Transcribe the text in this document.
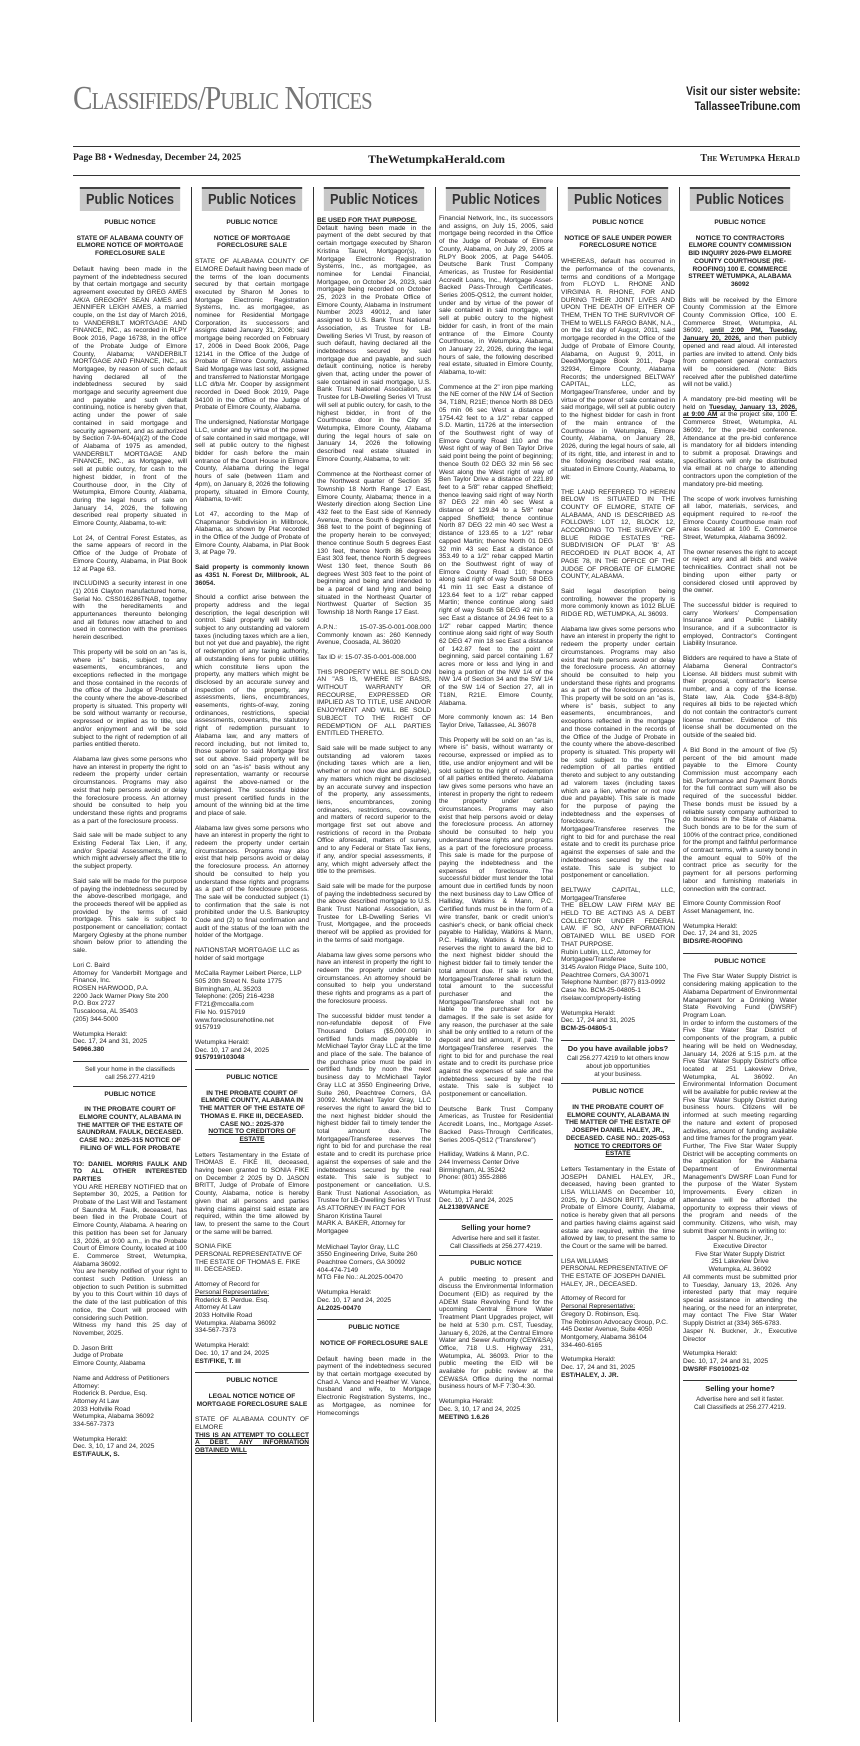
Classifieds/Public Notices	Visit our sister website:
TallasseeTribune.com
Page B8 • Wednesday, December 24, 2025	TheWetumpkaHerald.com	The Wetumpka Herald
Public Notices
PUBLIC NOTICE
STATE OF ALABAMA COUNTY OF ELMORE NOTICE OF MORTGAGE FORECLOSURE SALE

Default having been made in the payment of the indebtedness secured by that certain mortgage and security agreement executed by GREG AMES A/K/A GREGORY SEAN AMES and JENNIFER LEIGH AMES, a married couple, on the 1st day of March 2016, to VANDERBILT MORTGAGE AND FINANCE, INC., as recorded in RLPY Book 2016, Page 16738, in the office of the Probate Judge of Elmore County, Alabama; VANDERBILT MORTGAGE AND FINANCE, INC., as Mortgagee, by reason of such default having declared all of the indebtedness secured by said mortgage and security agreement due and payable and such default continuing, notice is hereby given that, acting under the power of sale contained in said mortgage and security agreement, and as authorized by Section 7-9A-604(a)(2) of the Code of Alabama of 1975 as amended, VANDERBILT MORTGAGE AND FINANCE, INC., as Mortgagee, will sell at public outcry, for cash to the highest bidder, in front of the Courthouse door, in the City of Wetumpka, Elmore County, Alabama, during the legal hours of sale on January 14, 2026, the following described real property situated in Elmore County, Alabama, to-wit:

Lot 24, of Central Forest Estates, as the same appears of record in the Office of the Judge of Probate of Elmore County, Alabama, in Plat Book 12 at Page 63.

INCLUDING a security interest in one (1) 2016 Clayton manufactured home, Serial No. CSS016286TNAB, together with the hereditaments and appurtenances thereunto belonging and all fixtures now attached to and used in connection with the premises herein described.

This property will be sold on an "as is, where is" basis, subject to any easements, encumbrances, and exceptions reflected in the mortgage and those contained in the records of the office of the Judge of Probate of the county where the above-described property is situated. This property will be sold without warranty or recourse, expressed or implied as to title, use and/or enjoyment and will be sold subject to the right of redemption of all parties entitled thereto.

Alabama law gives some persons who have an interest in property the right to redeem the property under certain circumstances. Programs may also exist that help persons avoid or delay the foreclosure process. An attorney should be consulted to help you understand these rights and programs as a part of the foreclosure process.

Said sale will be made subject to any Existing Federal Tax Lien, if any, and/or Special Assessments, if any, which might adversely affect the title to the subject property.

Said sale will be made for the purpose of paying the indebtedness secured by the above-described mortgage, and the proceeds thereof will be applied as provided by the terms of said mortgage. This sale is subject to postponement or cancellation; contact Margery Oglesby at the phone number shown below prior to attending the sale.

Lori C. Baird
Attorney for Vanderbilt Mortgage and Finance, Inc.
ROSEN HARWOOD, P.A.
2200 Jack Warner Pkwy Ste 200
P.O. Box 2727
Tuscaloosa, AL 35403
(205) 344-5000

Wetumpka Herald:
Dec. 17, 24 and 31, 2025
54966.380

Sell your home in the classifieds
call 256.277.4219
PUBLIC NOTICE
IN THE PROBATE COURT OF ELMORE COUNTY, ALABAMA IN THE MATTER OF THE ESTATE OF SAUNDRAM. FAULK, DECEASED. CASE NO.: 2025-315 NOTICE OF FILING OF WILL FOR PROBATE

TO: DANIEL MORRIS FAULK AND TO ALL OTHER INTERESTED PARTIES

YOU ARE HEREBY NOTIFIED that on September 30, 2025, a Petition for Probate of the Last Will and Testament of Saundra M. Faulk, deceased, has been filed in the Probate Court of Elmore County, Alabama. A hearing on this petition has been set for January 13, 2026, at 9:00 a.m., in the Probate Court of Elmore County, located at 100 E. Commerce Street, Wetumpka, Alabama 36092.

You are hereby notified of your right to contest such Petition. Unless an objection to such Petition is submitted by you to this Court within 10 days of the date of the last publication of this notice, the Court will proceed with considering such Petition.

Witness my hand this 25 day of November, 2025.

D. Jason Britt
Judge of Probate
Elmore County, Alabama

Name and Address of Petitioners Attorney:
Roderick B. Perdue, Esq.
Attorney At Law
2033 Holtville Road
Wetumpka, Alabama 36092
334-567-7373

Wetumpka Herald:
Dec. 3, 10, 17 and 24, 2025
EST/FAULK, S.

Public Notices
PUBLIC NOTICE
NOTICE OF MORTGAGE FORECLOSURE SALE

STATE OF ALABAMA COUNTY OF ELMORE Default having been made of the terms of the loan documents secured by that certain mortgage executed by Sharon M Jones to Mortgage Electronic Registration Systems, Inc. as mortgagee, as nominee for Residential Mortgage Corporation, its successors and assigns dated January 31, 2006; said mortgage being recorded on February 17, 2006 in Deed Book 2006, Page 12141 in the Office of the Judge of Probate of Elmore County, Alabama. Said Mortgage was last sold, assigned and transferred to Nationstar Mortgage LLC d/b/a Mr. Cooper by assignment recorded in Deed Book 2019, Page 34100 in the Office of the Judge of Probate of Elmore County, Alabama.

The undersigned, Nationstar Mortgage LLC, under and by virtue of the power of sale contained in said mortgage, will sell at public outcry to the highest bidder for cash before the main entrance of the Court House in Elmore County, Alabama during the legal hours of sale (between 11am and 4pm), on January 8, 2026 the following property, situated in Elmore County, Alabama, to-wit:

Lot 47, according to the Map of Chapmanor Subdivision in Millbrook, Alabama, as shown by Plat recorded in the Office of the Judge of Probate of Elmore County, Alabama, in Plat Book 3, at Page 79.

Said property is commonly known as 4351 N. Forest Dr, Millbrook, AL 36054.

Should a conflict arise between the property address and the legal description, the legal description will control. Said property will be sold subject to any outstanding ad valorem taxes (including taxes which are a lien, but not yet due and payable), the right of redemption of any taxing authority, all outstanding liens for public utilities which constitute liens upon the property, any matters which might be disclosed by an accurate survey and inspection of the property, any assessments, liens, encumbrances, easements, rights-of-way, zoning ordinances, restrictions, special assessments, covenants, the statutory right of redemption pursuant to Alabama law, and any matters of record including, but not limited to, those superior to said Mortgage first set out above. Said property will be sold on an "as-is" basis without any representation, warranty or recourse against the above-named or the undersigned. The successful bidder must present certified funds in the amount of the winning bid at the time and place of sale.

Alabama law gives some persons who have an interest in property the right to redeem the property under certain circumstances. Programs may also exist that help persons avoid or delay the foreclosure process. An attorney should be consulted to help you understand these rights and programs as a part of the foreclosure process. The sale will be conducted subject (1) to confirmation that the sale is not prohibited under the U.S. Bankruptcy Code and (2) to final confirmation and audit of the status of the loan with the holder of the Mortgage.

NATIONSTAR MORTGAGE LLC as holder of said mortgage

McCalla Raymer Leibert Pierce, LLP
505 20th Street N. Suite 1775
Birmingham, AL 35203
Telephone: (205) 216-4238
FT21@mccalla.com
File No. 9157919
www.foreclosurehotline.net
9157919

Wetumpka Herald:
Dec. 10, 17 and 24, 2025
9157919/103048

PUBLIC NOTICE
IN THE PROBATE COURT OF ELMORE COUNTY, ALABAMA IN THE MATTER OF THE ESTATE OF THOMAS E. FIKE III, DECEASED.
CASE NO.: 2025-370
NOTICE TO CREDITORS OF ESTATE

Letters Testamentary in the Estate of THOMAS E. FIKE III, deceased, having been granted to SONIA FIKE on December 2 2025 by D. JASON BRITT, Judge of Probate of Elmore County, Alabama, notice is hereby given that all persons and parties having claims against said estate are required, within the time allowed by law, to present the same to the Court or the same will be barred.

SONIA FIKE
PERSONAL REPRESENTATIVE OF THE ESTATE OF THOMAS E. FIKE III. DECEASED.

Attorney of Record for
Personal Representative:
Roderick B. Perdue. Esq.
Attorney At Law
2033 Holtville Road
Wetumpka. Alabama 36092
334-567-7373

Wetumpka Herald:
Dec. 10, 17 and 24, 2025
EST/FIKE, T. III

PUBLIC NOTICE
LEGAL NOTICE NOTICE OF MORTGAGE FORECLOSURE SALE

STATE OF ALABAMA COUNTY OF ELMORE

THIS IS AN ATTEMPT TO COLLECT A DEBT. ANY INFORMATION OBTAINED WILL

Public Notices

BE USED FOR THAT PURPOSE.

Default having been made in the payment of the debt secured by that certain mortgage executed by Sharon Kristina Taurel, Mortgagor(s), to Mortgage Electronic Registration Systems, Inc., as mortgagee, as nominee for Lendai Financial, Mortgagee, on October 24, 2023, said mortgage being recorded on October 25, 2023 in the Probate Office of Elmore County, Alabama in Instrument Number 2023 49012, and later assigned to U.S. Bank Trust National Association, as Trustee for LB-Dwelling Series VI Trust, by reason of such default, having declared all the indebtedness secured by said mortgage due and payable, and such default continuing, notice is hereby given that, acting under the power of sale contained in said mortgage, U.S. Bank Trust National Association, as Trustee for LB-Dwelling Series VI Trust will sell at public outcry, for cash, to the highest bidder, in front of the Courthouse door in the City of Wetumpka, Elmore County, Alabama during the legal hours of sale on January 14, 2026 the following described real estate situated in Elmore County, Alabama, to wit:

Commence at the Northeast corner of the Northwest quarter of Section 35 Township 18 North Range 17 East, Elmore County, Alabama; thence in a Westerly direction along Section Line 432 feet to the East side of Kennedy Avenue, thence South 6 degrees East 368 feet to the point of beginning of the property herein to be conveyed; thence continue South 5 degrees East 130 feet, thence North 86 degrees East 303 feet, thence North 5 degrees West 130 feet, thence South 86 degrees West 303 feet to the point of beginning and being and intended to be a parcel of land lying and being situated in the Northeast Quarter of Northwest Quarter of Section 35 Township 18 North Range 17 East.

A.P.N.: 15-07-35-0-001-008.000 Commonly known as: 260 Kennedy Avenue, Coosada, AL 36020

Tax ID #: 15-07-35-0-001-008.000

THIS PROPERTY WILL BE SOLD ON AN "AS IS, WHERE IS" BASIS, WITHOUT WARRANTY OR RECOURSE, EXPRESSED OR IMPLIED AS TO TITLE, USE AND/OR ENJOYMENT AND WILL BE SOLD SUBJECT TO THE RIGHT OF REDEMPTION OF ALL PARTIES ENTITLED THERETO.

Said sale will be made subject to any outstanding ad valorem taxes (including taxes which are a lien, whether or not now due and payable), any matters which might be disclosed by an accurate survey and inspection of the property, any assessments, liens, encumbrances, zoning ordinances, restrictions, covenants, and matters of record superior to the mortgage first set out above and restrictions of record in the Probate Office aforesaid, matters of survey, and to any Federal or State Tax liens, if any, and/or special assessments, if any, which might adversely affect the title to the premises.

Said sale will be made for the purpose of paying the indebtedness secured by the above described mortgage to U.S. Bank Trust National Association, as Trustee for LB-Dwelling Series VI Trust, Mortgagee, and the proceeds thereof will be applied as provided for in the terms of said mortgage.

Alabama law gives some persons who have an interest in property the right to redeem the property under certain circumstances. An attorney should be consulted to help you understand these rights and programs as a part of the foreclosure process.

The successful bidder must tender a non-refundable deposit of Five Thousand Dollars ($5,000.00) in certified funds made payable to McMichael Taylor Gray LLC at the time and place of the sale. The balance of the purchase price must be paid in certified funds by noon the next business day to McMichael Taylor Gray LLC at 3550 Engineering Drive, Suite 260, Peachtree Corners, GA 30092. McMichael Taylor Gray, LLC reserves the right to award the bid to the next highest bidder should the highest bidder fail to timely tender the total amount due. The Mortgagee/Transferee reserves the right to bid for and purchase the real estate and to credit its purchase price against the expenses of sale and the indebtedness secured by the real estate. This sale is subject to postponement or cancellation. U.S. Bank Trust National Association, as Trustee for LB-Dwelling Series VI Trust

AS ATTORNEY IN FACT FOR
Sharon Kristina Taurel
MARK A. BAKER, Attorney for Mortgagee

McMichael Taylor Gray, LLC
3550 Engineering Drive, Suite 260
Peachtree Corners, GA 30092
404-474-7149
MTG File No.: AL2025-00470

Wetumpka Herald:
Dec. 10, 17 and 24, 2025
AL2025-00470

PUBLIC NOTICE
NOTICE OF FORECLOSURE SALE

Default having been made in the payment of the indebtedness secured by that certain mortgage executed by Chad A. Vance and Heather W. Vance, husband and wife, to Mortgage Electronic Registration Systems, Inc., as Mortgagee, as nominee for Homecomings

Public Notices

Financial Network, Inc., its successors and assigns, on July 15, 2005, said mortgage being recorded in the Office of the Judge of Probate of Elmore County, Alabama, on July 29, 2005 at RLPY Book 2005, at Page 54405. Deutsche Bank Trust Company Americas, as Trustee for Residential Accredit Loans, Inc., Mortgage Asset-Backed Pass-Through Certificates, Series 2005-QS12, the current holder, under and by virtue of the power of sale contained in said mortgage, will sell at public outcry to the highest bidder for cash, in front of the main entrance of the Elmore County Courthouse, in Wetumpka, Alabama, on January 22, 2026, during the legal hours of sale, the following described real estate, situated in Elmore County, Alabama, to-wit:

Commence at the 2" iron pipe marking the NE corner of the NW 1/4 of Section 34, T18N, R21E; thence North 88 DEG 05 min 06 sec West a distance of 1754.42 feet to a 1/2" rebar capped S.D. Martin, 11726 at the intersection of the Southwest right of way of Elmore County Road 110 and the West right of way of Ben Taylor Drive said point being the point of beginning; thence South 02 DEG 32 min 56 sec West along the West right of way of Ben Taylor Drive a distance of 221.89 feet to a 5/8" rebar capped Sheffield; thence leaving said right of way North 87 DEG 22 min 40 sec West a distance of 129.84 to a 5/8" rebar capped Sheffield; thence continue North 87 DEG 22 min 40 sec West a distance of 123.65 to a 1/2" rebar capped Martin; thence North 01 DEG 32 min 43 sec East a distance of 353.49 to a 1/2" rebar capped Martin on the Southwest right of way of Elmore County Road 110; thence along said right of way South 58 DEG 41 min 11 sec East a distance of 123.64 feet to a 1/2" rebar capped Martin; thence continue along said right of way South 58 DEG 42 min 53 sec East a distance of 24.96 feet to a 1/2" rebar capped Martin; thence continue along said right of way South 62 DEG 47 min 18 sec East a distance of 142.87 feet to the point of beginning, said parcel containing 1.67 acres more or less and lying in and being a portion of the NW 1/4 of the NW 1/4 of Section 34 and the SW 1/4 of the SW 1/4 of Section 27, all in T18N, R21E. Elmore County, Alabama.

More commonly known as: 14 Ben Taylor Drive, Tallassee, AL 36078

This Property will be sold on an "as is, where is" basis, without warranty or recourse, expressed or implied as to title, use and/or enjoyment and will be sold subject to the right of redemption of all parties entitled thereto. Alabama law gives some persons who have an interest in property the right to redeem the property under certain circumstances. Programs may also exist that help persons avoid or delay the foreclosure process. An attorney should be consulted to help you understand these rights and programs as a part of the foreclosure process. This sale is made for the purpose of paying the indebtedness and the expenses of foreclosure. The successful bidder must tender the total amount due in certified funds by noon the next business day to Law Office of Halliday, Watkins & Mann, P.C. Certified funds must be in the form of a wire transfer, bank or credit union's cashier's check, or bank official check payable to Halliday, Watkins & Mann, P.C. Halliday, Watkins & Mann, P.C. reserves the right to award the bid to the next highest bidder should the highest bidder fail to timely tender the total amount due. If sale is voided, Mortgagee/Transferee shall return the total amount to the successful purchaser and the Mortgagee/Transferee shall not be liable to the purchaser for any damages. If the sale is set aside for any reason, the purchaser at the sale shall be only entitled to a return of the deposit and bid amount, if paid. The Mortgagee/Transferee reserves the right to bid for and purchase the real estate and to credit its purchase price against the expenses of sale and the indebtedness secured by the real estate. This sale is subject to postponement or cancellation.

Deutsche Bank Trust Company Americas, as Trustee for Residential Accredit Loans, Inc., Mortgage Asset-Backed Pass-Through Certificates, Series 2005-QS12 ("Transferee")

Halliday, Watkins & Mann, P.C.
244 Inverness Center Drive
Birmingham, AL 35242
Phone: (801) 355-2886

Wetumpka Herald:
Dec. 10, 17 and 24, 2025
AL21389VANCE

Selling your home?
Advertise here and sell it faster.
Call Classifieds at 256.277.4219.
PUBLIC NOTICE

A public meeting to present and discuss the Environmental Information Document (EID) as required by the ADEM State Revolving Fund for the upcoming Central Elmore Water Treatment Plant Upgrades project, will be held at 5:30 p.m. CST, Tuesday, January 6, 2026, at the Central Elmore Water and Sewer Authority (CEW&SA) Office, 718 U.S. Highway 231, Wetumpka, AL 36093. Prior to the public meeting the EID will be available for public review at the CEW&SA Office during the normal business hours of M-F 7:30-4:30.

Wetumpka Herald:
Dec. 3, 10, 17 and 24, 2025
MEETING 1.6.26

Public Notices
PUBLIC NOTICE
NOTICE OF SALE UNDER POWER FORECLOSURE NOTICE

WHEREAS, default has occurred in the performance of the covenants, terms and conditions of a Mortgage from FLOYD L. RHONE AND VIRGINIA R. RHONE, FOR AND DURING THEIR JOINT LIVES AND UPON THE DEATH OF EITHER OF THEM, THEN TO THE SURVIVOR OF THEM to WELLS FARGO BANK, N.A., on the 1st day of August, 2011, said mortgage recorded in the Office of the Judge of Probate of Elmore County, Alabama, on August 9, 2011, in Deed/Mortgage Book 2011, Page 32934, Elmore County, Alabama Records; the undersigned BELTWAY CAPITAL, LLC, as Mortgagee/Transferee, under and by virtue of the power of sale contained in said mortgage, will sell at public outcry to the highest bidder for cash in front of the main entrance of the Courthouse in Wetumpka, Elmore County, Alabama, on January 28, 2026, during the legal hours of sale, all of its right, title, and interest in and to the following described real estate, situated in Elmore County, Alabama, to wit:

THE LAND REFERRED TO HEREIN BELOW IS SITUATED IN THE COUNTY OF ELMORE, STATE OF ALABAMA, AND IS DESCRIBED AS FOLLOWS: LOT 12, BLOCK 12, ACCORDING TO THE SURVEY OF BLUE RIDGE ESTATES "RE-SUBDIVISION OF PLAT 'B' AS RECORDED IN PLAT BOOK 4, AT PAGE 78, IN THE OFFICE OF THE JUDGE OF PROBATE OF ELMORE COUNTY, ALABAMA.

Said legal description being controlling, however the property is more commonly known as 1012 BLUE RIDGE RD, WETUMPKA, AL 36093.

Alabama law gives some persons who have an interest in property the right to redeem the property under certain circumstances. Programs may also exist that help persons avoid or delay the foreclosure process. An attorney should be consulted to help you understand these rights and programs as a part of the foreclosure process. This property will be sold on an "as is, where is" basis, subject to any easements, encumbrances, and exceptions reflected in the mortgage and those contained in the records of the Office of the Judge of Probate in the county where the above-described property is situated. This property will be sold subject to the right of redemption of all parties entitled thereto and subject to any outstanding ad valorem taxes (including taxes which are a lien, whether or not now due and payable). This sale is made for the purpose of paying the indebtedness and the expenses of foreclosure. The Mortgagee/Transferee reserves the right to bid for and purchase the real estate and to credit its purchase price against the expenses of sale and the indebtedness secured by the real estate. This sale is subject to postponement or cancellation.

BELTWAY CAPITAL, LLC, Mortgagee/Transferee

THE BELOW LAW FIRM MAY BE HELD TO BE ACTING AS A DEBT COLLECTOR UNDER FEDERAL LAW. IF SO, ANY INFORMATION OBTAINED WILL BE USED FOR THAT PURPOSE.

Rubin Lublin, LLC, Attorney for Mortgagee/Transferee
3145 Avalon Ridge Place, Suite 100, Peachtree Corners, GA 30071
Telephone Number: (877) 813-0992 Case No. BCM-25-04805-1
rlselaw.com/property-listing

Wetumpka Herald:
Dec. 17, 24 and 31, 2025
BCM-25-04805-1

Do you have available jobs?
Call 256.277.4219 to let others know
about job opportunities
at your business.
PUBLIC NOTICE
IN THE PROBATE COURT OF ELMORE COUNTY, ALABAMA IN THE MATTER OF THE ESTATE OF JOSEPH DANIEL HALEY, JR., DECEASED. CASE NO.: 2025-053
NOTICE TO CREDITORS OF ESTATE

Letters Testamentary in the Estate of JOSEPH DANIEL HALEY, JR., deceased, having been granted to LISA WILLIAMS on December 10, 2025, by D. JASON BRITT, Judge of Probate of Elmore County, Alabama, notice is hereby given that all persons and parties having claims against said estate are required, within the time allowed by law, to present the same to the Court or the same will be barred.

LISA WILLIAMS
PERSONAL REPRESENTATIVE OF THE ESTATE OF JOSEPH DANIEL HALEY, JR., DECEASED.

Attorney of Record for
Personal Representative:
Gregory D. Robinson, Esq.
The Robinson Advocacy Group, P.C.
445 Dexter Avenue, Suite 4050
Montgomery, Alabama 36104
334-460-6165

Wetumpka Herald:
Dec. 17, 24 and 31, 2025
EST/HALEY, J. JR.

Public Notices
PUBLIC NOTICE
NOTICE TO CONTRACTORS ELMORE COUNTY COMMISSION BID INQUIRY 2026-PW9 ELMORE COUNTY COURTHOUSE (RE-ROOFING) 100 E. COMMERCE STREET WETUMPKA, ALABAMA 36092

Bids will be received by the Elmore County Commission at the Elmore County Commission Office, 100 E. Commerce Street, Wetumpka, AL 36092, until 2:00 PM, Tuesday, January 20, 2026, and then publicly opened and read aloud. All interested parties are invited to attend. Only bids from competent general contractors will be considered. (Note: Bids received after the published date/time will not be valid.)

A mandatory pre-bid meeting will be held on Tuesday, January 13, 2026, at 9:00 AM at the project site, 100 E. Commerce Street, Wetumpka, AL 36092, for the pre-bid conference. Attendance at the pre-bid conference is mandatory for all bidders intending to submit a proposal. Drawings and specifications will only be distributed via email at no charge to attending contractors upon the completion of the mandatory pre-bid meeting.

The scope of work involves furnishing all labor, materials, services, and equipment required to re-roof the Elmore County Courthouse main roof areas located at 100 E. Commerce Street, Wetumpka, Alabama 36092.

The owner reserves the right to accept or reject any and all bids and waive technicalities. Contract shall not be binding upon either party or considered closed until approved by the owner.

The successful bidder is required to carry Workers' Compensation Insurance and Public Liability Insurance, and if a subcontractor is employed, Contractor's Contingent Liability Insurance.

Bidders are required to have a State of Alabama General Contractor's License. All bidders must submit with their proposal, contractor's license number, and a copy of the license. State law, Ala. Code §34-8-8(b) requires all bids to be rejected which do not contain the contractor's current license number. Evidence of this license shall be documented on the outside of the sealed bid.

A Bid Bond in the amount of five (5) percent of the bid amount made payable to the Elmore County Commission must accompany each bid. Performance and Payment Bonds for the full contract sum will also be required of the successful bidder. These bonds must be issued by a reliable surety company authorized to do business in the State of Alabama. Such bonds are to be for the sum of 100% of the contract price, conditioned for the prompt and faithful performance of contract terms, with a surety bond in the amount equal to 50% of the contract price as security for the payment for all persons performing labor and furnishing materials in connection with the contract.

Elmore County Commission Roof Asset Management, Inc.

Wetumpka Herald:
Dec. 17, 24 and 31, 2025
BIDS/RE-ROOFING

PUBLIC NOTICE

The Five Star Water Supply District is considering making application to the Alabama Department of Environmental Management for a Drinking Water State Revolving Fund (DWSRF) Program Loan.

In order to inform the customers of the Five Star Water Star District of components of the program, a public hearing will be held on Wednesday, January 14, 2026 at 5:15 p.m. at the Five Star Water Supply District's office located at 251 Lakeview Drive, Wetumpka, AL 36092. An Environmental Information Document will be available for public review at the Five Star Water Supply District during business hours. Citizens will be informed at such meeting regarding the nature and extent of proposed activities, amount of funding available and time frames for the program year.

Further, The Five Star Water Supply District will be accepting comments on the application for the Alabama Department of Environmental Management's DWSRF Loan Fund for the purpose of the Water System Improvements. Every citizen in attendance will be afforded the opportunity to express their views of the program and needs of the community. Citizens, who wish, may submit their comments in writing to:

Jasper N. Buckner, Jr.,
Executive Director
Five Star Water Supply District
251 Lakeview Drive
Wetumpka, AL 36092

All comments must be submitted prior to Tuesday, January 13, 2026. Any interested party that may require special assistance in attending the hearing, or the need for an interpreter, may contact The Five Star Water Supply District at (334) 365-6783.

Jasper N. Buckner, Jr., Executive Director

Wetumpka Herald:
Dec. 10, 17, 24 and 31, 2025
DWSRF FS010021-02

Selling your home?
Advertise here and sell it faster.
Call Classifieds at 256.277.4219.
